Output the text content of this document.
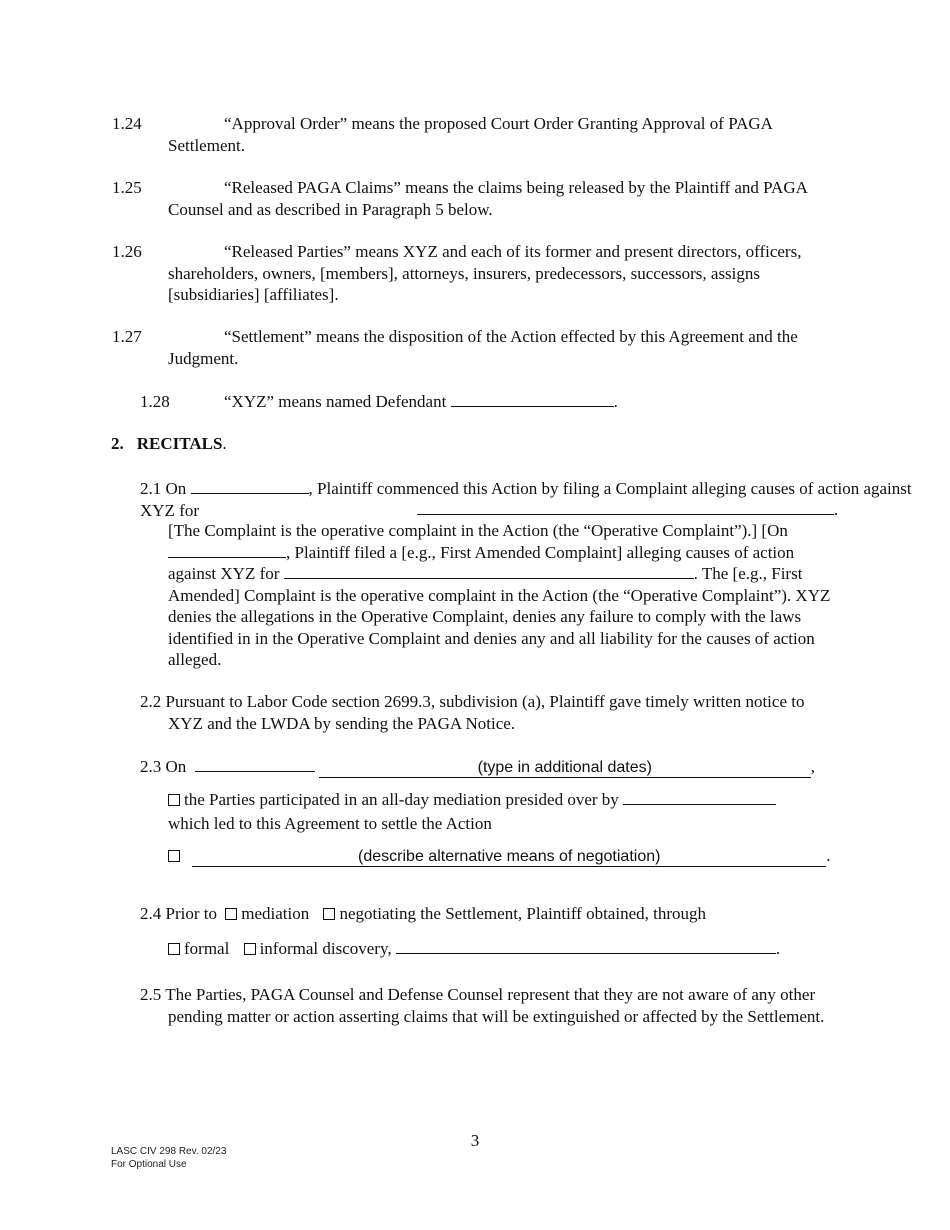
1.24	“Approval Order” means the proposed Court Order Granting Approval of PAGA Settlement.
1.25	“Released PAGA Claims” means the claims being released by the Plaintiff and PAGA Counsel and as described in Paragraph 5 below.
1.26	“Released Parties” means XYZ and each of its former and present directors, officers, shareholders, owners, [members], attorneys, insurers, predecessors, successors, assigns [subsidiaries] [affiliates].
1.27	“Settlement” means the disposition of the Action effected by this Agreement and the Judgment.
1.28	“XYZ” means named Defendant	.
2. RECITALS.
2.1 On	, Plaintiff commenced this Action by filing a Complaint alleging causes of action against XYZ for	.
[The Complaint is the operative complaint in the Action (the “Operative Complaint”).] [On , Plaintiff filed a [e.g., First Amended Complaint] alleging causes of action against XYZ for	. The [e.g., First Amended] Complaint is the operative complaint in the Action (the “Operative Complaint”). XYZ denies the allegations in the Operative Complaint, denies any failure to comply with the laws identified in in the Operative Complaint and denies any and all liability for the causes of action alleged.
2.2 Pursuant to Labor Code section 2699.3, subdivision (a), Plaintiff gave timely written notice to XYZ and the LWDA by sending the PAGA Notice.
2.3 On	(type in additional dates)	,
the Parties participated in an all-day mediation presided over by
which led to this Agreement to settle the Action
(describe alternative means of negotiation)	.
2.4 Prior to mediation negotiating the Settlement, Plaintiff obtained, through
formal informal discovery,	.
2.5 The Parties, PAGA Counsel and Defense Counsel represent that they are not aware of any other pending matter or action asserting claims that will be extinguished or affected by the Settlement.
3
LASC CIV 298 Rev. 02/23
For Optional Use
